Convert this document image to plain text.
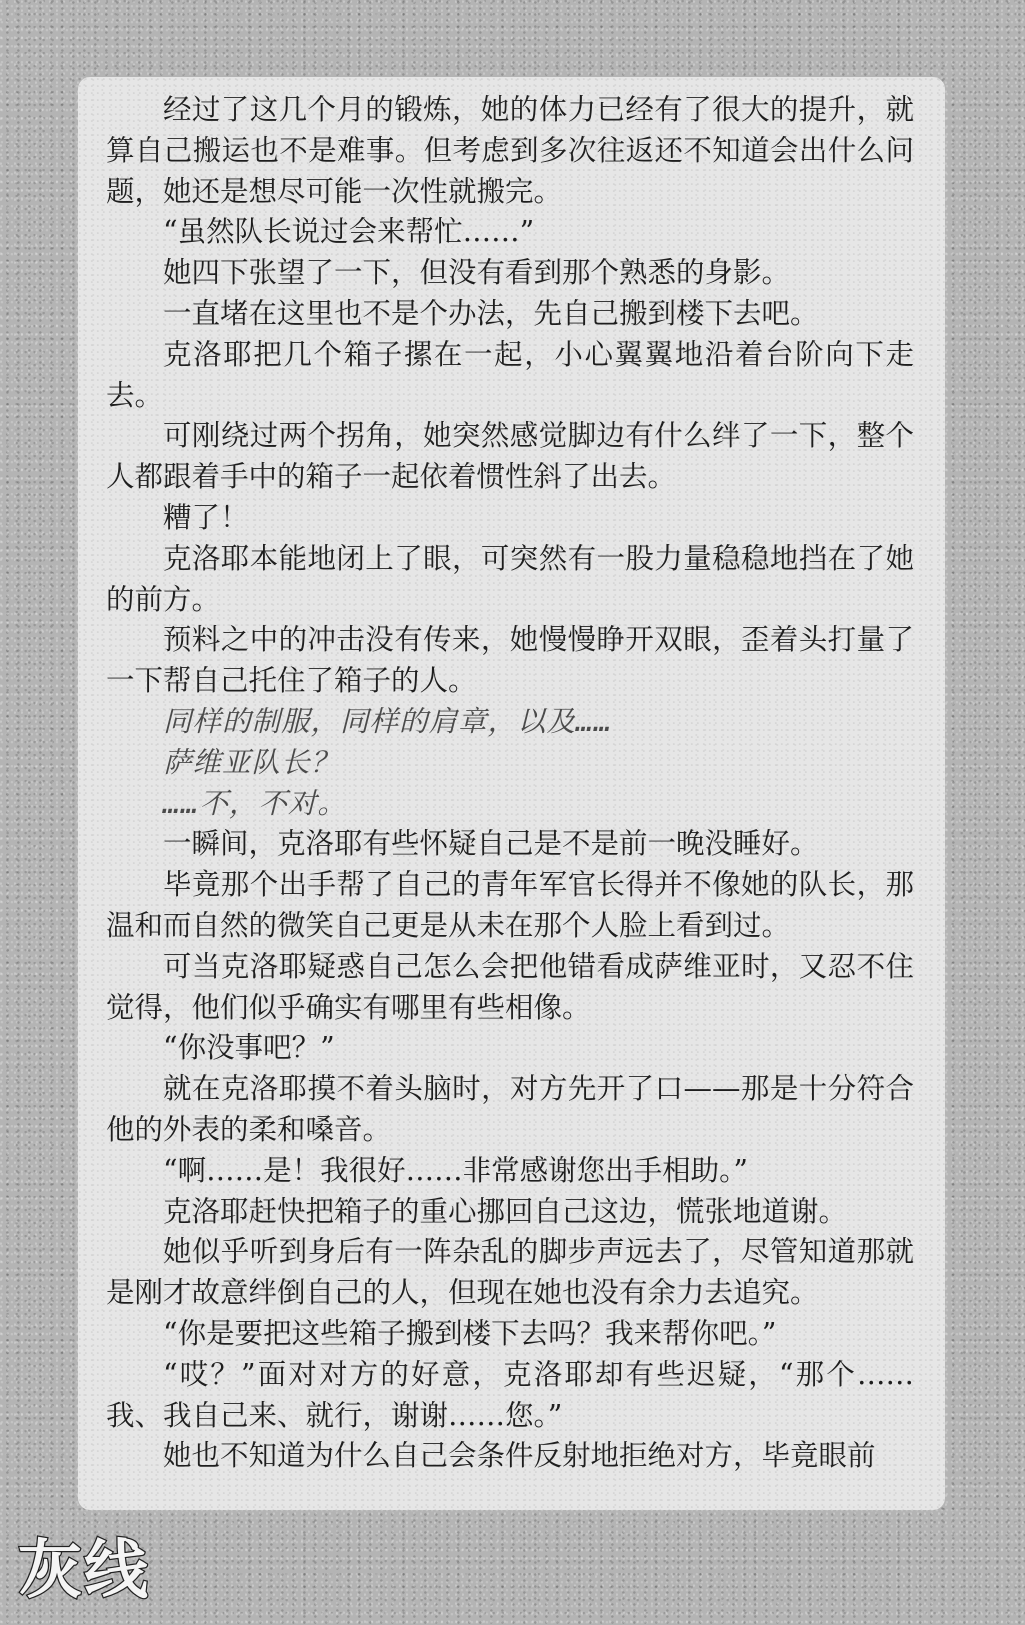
经过了这几个月的锻炼，她的体力已经有了很大的提升，就算自己搬运也不是难事。但考虑到多次往返还不知道会出什么问题，她还是想尽可能一次性就搬完。

“虽然队长说过会来帮忙……”

她四下张望了一下，但没有看到那个熟悉的身影。

一直堵在这里也不是个办法，先自己搬到楼下去吧。

克洛耶把几个箱子摞在一起，小心翼翼地沿着台阶向下走去。

可刚绕过两个拐角，她突然感觉脚边有什么绊了一下，整个人都跟着手中的箱子一起依着惯性斜了出去。

糟了！

克洛耶本能地闭上了眼，可突然有一股力量稳稳地挡在了她的前方。

预料之中的冲击没有传来，她慢慢睁开双眼，歪着头打量了一下帮自己托住了箱子的人。

同样的制服，同样的肩章，以及……

萨维亚队长？

……不，不对。

一瞬间，克洛耶有些怀疑自己是不是前一晚没睡好。

毕竟那个出手帮了自己的青年军官长得并不像她的队长，那温和而自然的微笑自己更是从未在那个人脸上看到过。

可当克洛耶疑惑自己怎么会把他错看成萨维亚时，又忍不住觉得，他们似乎确实有哪里有些相像。

“你没事吧？”

就在克洛耶摸不着头脑时，对方先开了口——那是十分符合他的外表的柔和嗓音。

“啊……是！我很好……非常感谢您出手相助。”

克洛耶赶快把箱子的重心挪回自己这边，慌张地道谢。

她似乎听到身后有一阵杂乱的脚步声远去了，尽管知道那就是刚才故意绊倒自己的人，但现在她也没有余力去追究。

“你是要把这些箱子搬到楼下去吗？我来帮你吧。”

“哎？”面对对方的好意，克洛耶却有些迟疑，“那个……我、我自己来、就行，谢谢……您。”

她也不知道为什么自己会条件反射地拒绝对方，毕竟眼前

灰线
